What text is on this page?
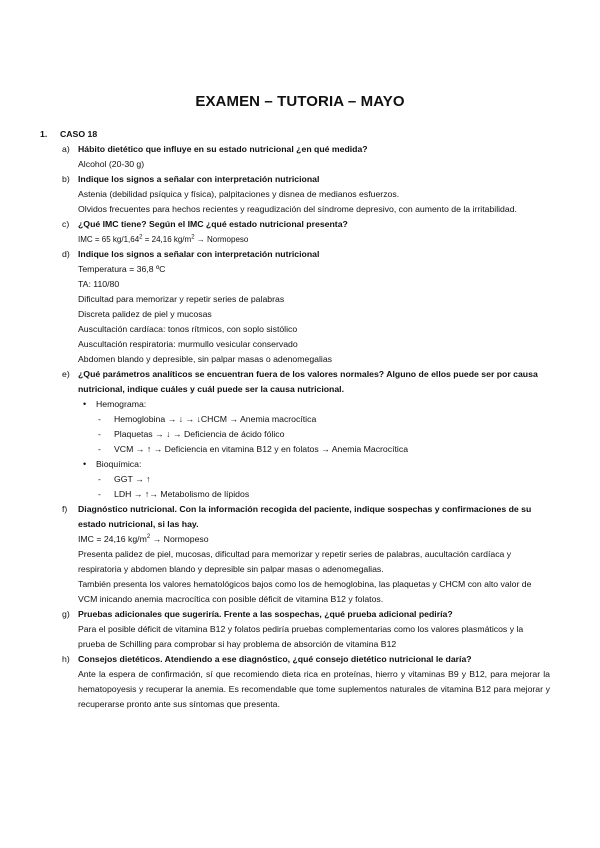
EXAMEN – TUTORIA – MAYO
1. CASO 18

a) Hábito dietético que influye en su estado nutricional ¿en qué medida?
Alcohol (20-30 g)
b) Indique los signos a señalar con interpretación nutricional
Astenia (debilidad psíquica y física), palpitaciones y disnea de medianos esfuerzos.
Olvidos frecuentes para hechos recientes y reagudización del síndrome depresivo, con aumento de la irritabilidad.
c) ¿Qué IMC tiene? Según el IMC ¿qué estado nutricional presenta?
IMC = 65 $kg/1,64^2 = 24,16$ $kg/m^2$ → Normopeso
d) Indique los signos a señalar con interpretación nutricional
Temperatura = 36,8 ºC
TA: 110/80
Dificultad para memorizar y repetir series de palabras
Discreta palidez de piel y mucosas
Auscultación cardíaca: tonos rítmicos, con soplo sistólico
Auscultación respiratoria: murmullo vesicular conservado
Abdomen blando y depresible, sin palpar masas o adenomegalias
e) ¿Qué parámetros analíticos se encuentran fuera de los valores normales? Alguno de ellos puede ser por causa nutricional, indique cuáles y cuál puede ser la causa nutricional.
• Hemograma:
- Hemoglobina → ↓ → ↓CHCM → Anemia macrocítica
- Plaquetas → ↓ → Deficiencia de ácido fólico
- VCM → ↑ → Deficiencia en vitamina B12 y en folatos → Anemia Macrocítica
• Bioquímica:
- GGT → ↑
- LDH → ↑→ Metabolismo de lípidos
f) Diagnóstico nutricional. Con la información recogida del paciente, indique sospechas y confirmaciones de su estado nutricional, si las hay.
IMC = 24,16 $kg/m^2$ → Normopeso
Presenta palidez de piel, mucosas, dificultad para memorizar y repetir series de palabras, aucultación cardíaca y respiratoria y abdomen blando y depresible sin palpar masas o adenomegalias.
También presenta los valores hematológicos bajos como los de hemoglobina, las plaquetas y CHCM con alto valor de VCM inicando anemia macrocítica con posible déficit de vitamina B12 y folatos.
g) Pruebas adicionales que sugeriría. Frente a las sospechas, ¿qué prueba adicional pediría?
Para el posible déficit de vitamina B12 y folatos pediría pruebas complementarias como los valores plasmáticos y la prueba de Schilling para comprobar si hay problema de absorción de vitamina B12
h) Consejos dietéticos. Atendiendo a ese diagnóstico, ¿qué consejo dietético nutricional le daría?
Ante la espera de confirmación, sí que recomiendo dieta rica en proteínas, hierro y vitaminas B9 y B12, para mejorar la hematopoyesis y recuperar la anemia. Es recomendable que tome suplementos naturales de vitamina B12 para mejorar y recuperarse pronto ante sus síntomas que presenta.
